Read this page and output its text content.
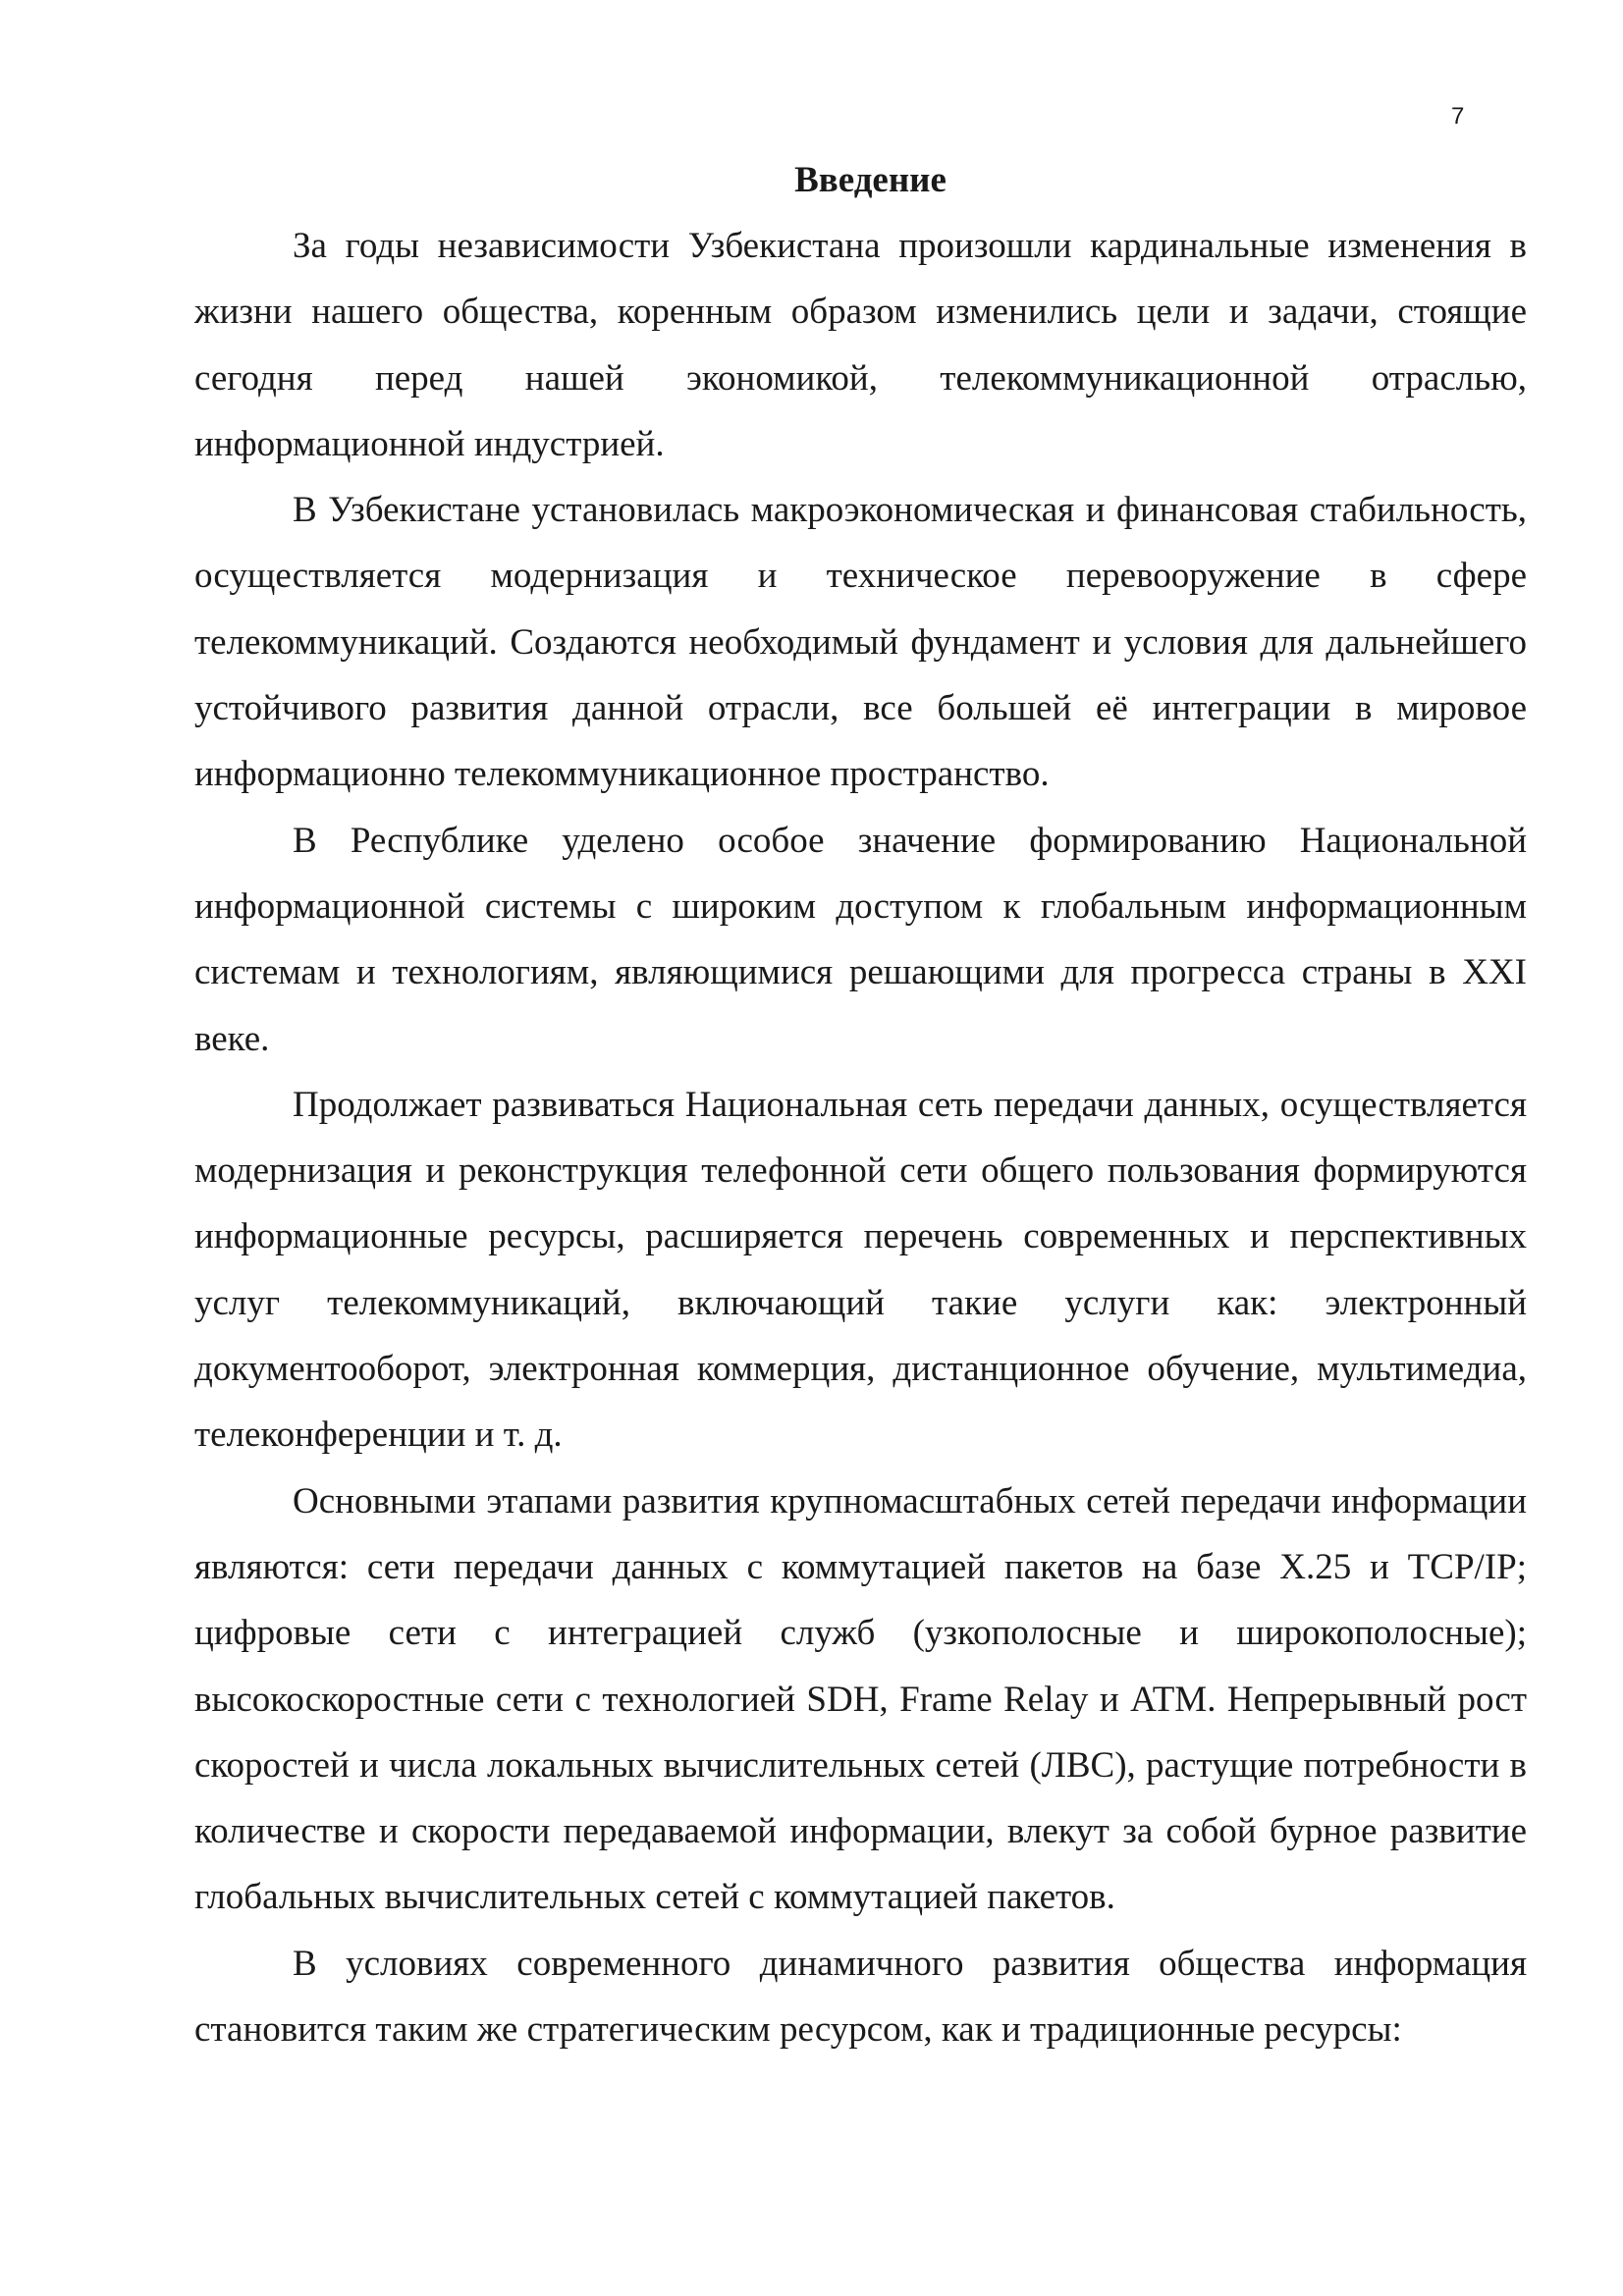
7
Введение

За годы независимости Узбекистана произошли кардинальные изменения в жизни нашего общества, коренным образом изменились цели и задачи, стоящие сегодня перед нашей экономикой, телекоммуникационной отраслью, информационной индустрией.

В Узбекистане установилась макроэкономическая и финансовая стабильность, осуществляется модернизация и техническое перевооружение в сфере телекоммуникаций. Создаются необходимый фундамент и условия для дальнейшего устойчивого развития данной отрасли, все большей её интеграции в мировое информационно телекоммуникационное пространство.

В Республике уделено особое значение формированию Национальной информационной системы с широким доступом к глобальным информационным системам и технологиям, являющимися решающими для прогресса страны в XXI веке.

Продолжает развиваться Национальная сеть передачи данных, осуществляется модернизация и реконструкция телефонной сети общего пользования формируются информационные ресурсы, расширяется перечень современных и перспективных услуг телекоммуникаций, включающий такие услуги как: электронный документооборот, электронная коммерция, дистанционное обучение, мультимедиа, телеконференции и т. д.

Основными этапами развития крупномасштабных сетей передачи информации являются: сети передачи данных с коммутацией пакетов на базе X.25 и TCP/IP; цифровые сети с интеграцией служб (узкополосные и широкополосные); высокоскоростные сети с технологией SDH, Frame Relay и ATM. Непрерывный рост скоростей и числа локальных вычислительных сетей (ЛВС), растущие потребности в количестве и скорости передаваемой информации, влекут за собой бурное развитие глобальных вычислительных сетей с коммутацией пакетов.

В условиях современного динамичного развития общества информация становится таким же стратегическим ресурсом, как и традиционные ресурсы:
